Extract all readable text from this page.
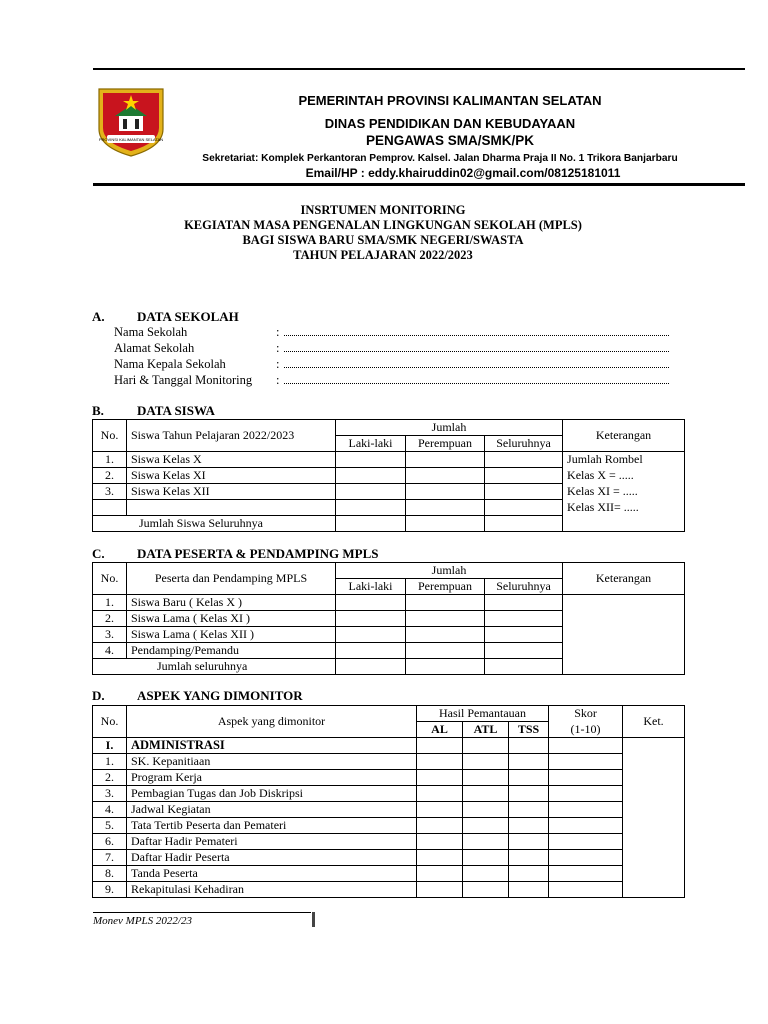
PROVINSI KALIMANTAN SELATAN
PEMERINTAH PROVINSI KALIMANTAN SELATAN
DINAS PENDIDIKAN DAN KEBUDAYAAN
PENGAWAS SMA/SMK/PK
Sekretariat: Komplek Perkantoran Pemprov. Kalsel. Jalan Dharma Praja II No. 1 Trikora Banjarbaru
Email/HP : eddy.khairuddin02@gmail.com/08125181011
INSRTUMEN MONITORING
KEGIATAN MASA PENGENALAN LINGKUNGAN SEKOLAH (MPLS)
BAGI SISWA BARU SMA/SMK NEGERI/SWASTA
TAHUN PELAJARAN 2022/2023
A. DATA SEKOLAH
Nama Sekolah	:
Alamat Sekolah	:
Nama Kepala Sekolah	:
Hari & Tanggal Monitoring :
B.	DATA SISWA
No.	Siswa Tahun Pelajaran 2022/2023	Jumlah			Keterangan
		Laki-laki	Perempuan	Seluruhnya	
1.	Siswa Kelas X				Jumlah Rombel
2.	Siswa Kelas XI				Kelas X = .....
3.	Siswa Kelas XII				Kelas XI = .....
					Kelas XII= .....
Jumlah Siswa Seluruhnya					
C. DATA PESERTA & PENDAMPING MPLS
No.	Peserta dan Pendamping MPLS	Jumlah			Keterangan
		Laki-laki	Perempuan	Seluruhnya	
1.	Siswa Baru ( Kelas X )				
2.	Siswa Lama ( Kelas XI )				
3.	Siswa Lama ( Kelas XII )				
4.	Pendamping/Pemandu				
Jumlah seluruhnya					
D. ASPEK YANG DIMONITOR
No.	Aspek yang dimonitor	Hasil Pemantauan			Skor	Ket.
		AL	ATL	TSS	(1-10)	
I.	ADMINISTRASI					
1.	SK. Kepanitiaan					
2.	Program Kerja					
3.	Pembagian Tugas dan Job Diskripsi					
4.	Jadwal Kegiatan					
5.	Tata Tertib Peserta dan Pemateri					
6.	Daftar Hadir Pemateri					
7.	Daftar Hadir Peserta					
8.	Tanda Peserta					
9.	Rekapitulasi Kehadiran					
Monev MPLS 2022/23
